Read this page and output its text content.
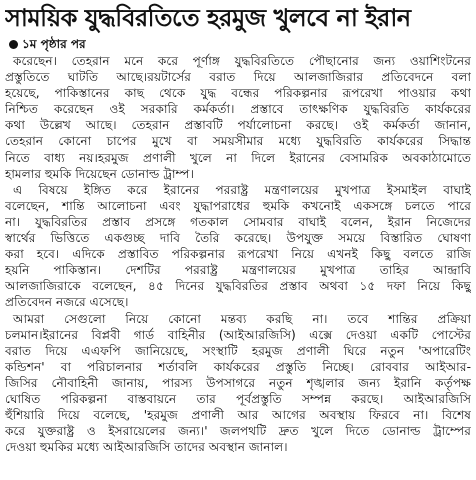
সাময়িক যুদ্ধবিরতিতে হরমুজ খুলবে না ইরান
১ম পৃষ্ঠার পর
করেছেন। তেহরান মনে করে পূর্ণাঙ্গ যুদ্ধবিরতিতে পৌছানোর জন্য ওয়াশিংটনের
প্রস্তুতিতে ঘাটতি আছে।রয়টার্সের বরাত দিয়ে আলজাজিরার প্রতিবেদনে বলা
হয়েছে, পাকিস্তানের কাছ থেকে যুদ্ধ বন্ধের পরিকল্পনার রূপরেখা পাওয়ার কথা
নিশ্চিত করেছেন ওই সরকারি কর্মকর্তা। প্রস্তাবে তাৎক্ষণিক যুদ্ধবিরতি কার্যকরের
কথা উল্লেখ আছে। তেহরান প্রস্তাবটি পর্যালোচনা করছে। ওই কর্মকর্তা জানান,
তেহরান কোনো চাপের মুখে বা সময়সীমার মধ্যে যুদ্ধবিরতি কার্যকরের সিদ্ধান্ত
নিতে বাধ্য নয়।হরমুজ প্রণালী খুলে না দিলে ইরানের বেসামরিক অবকাঠামোতে
হামলার হুমকি দিয়েছেন ডোনাল্ড ট্রাম্প।
এ বিষয়ে ইঙ্গিত করে ইরানের পররাষ্ট্র মন্ত্রণালয়ের মুখপাত্র ইসমাইল বাঘাই
বলেছেন, শান্তি আলোচনা এবং যুদ্ধাপরাধের হুমকি কখনোই একসঙ্গে চলতে পারে
না। যুদ্ধবিরতির প্রস্তাব প্রসঙ্গে গতকাল সোমবার বাঘাই বলেন, ইরান নিজেদের
স্বার্থের ভিত্তিতে একগুচ্ছ দাবি তৈরি করেছে। উপযুক্ত সময়ে বিস্তারিত ঘোষণা
করা হবে। এদিকে প্রস্তাবিত পরিকল্পনার রূপরেখা নিয়ে এখনই কিছু বলতে রাজি
হয়নি পাকিস্তান। দেশটির পররাষ্ট্র মন্ত্রণালয়ের মুখপাত্র তাহির আন্দ্রাবি
আলজাজিরাকে বলেছেন, ৪৫ দিনের যুদ্ধবিরতির প্রস্তাব অথবা ১৫ দফা নিয়ে কিছু
প্রতিবেদন নজরে এসেছে।
আমরা সেগুলো নিয়ে কোনো মন্তব্য করছি না। তবে শান্তির প্রক্রিয়া
চলমান।ইরানের বিপ্লবী গার্ড বাহিনীর (আইআরজিসি) এক্সে দেওয়া একটি পোস্টের
বরাত দিয়ে এএফপি জানিয়েছে, সংস্থাটি হরমুজ প্রণালী ঘিরে নতুন 'অপারেটিং
কন্ডিশন' বা পরিচালনার শর্তাবলি কার্যকরের প্রস্তুতি নিচ্ছে। রোববার আইআর-
জিসির নৌবাহিনী জানায়, পারস্য উপসাগরে নতুন শৃঙ্খলার জন্য ইরানি কর্তৃপক্ষ
ঘোষিত পরিকল্পনা বাস্তবায়নে তার পূর্বপ্রস্তুতি সম্পন্ন করছে। আইআরজিসি
হুঁশিয়ারি দিয়ে বলেছে, 'হরমুজ প্রণালী আর আগের অবস্থায় ফিরবে না। বিশেষ
করে যুক্তরাষ্ট্র ও ইসরায়েলের জন্য।' জলপথটি দ্রুত খুলে দিতে ডোনাল্ড ট্রাম্পের
দেওয়া হুমকির মধ্যে আইআরজিসি তাদের অবস্থান জানাল।
